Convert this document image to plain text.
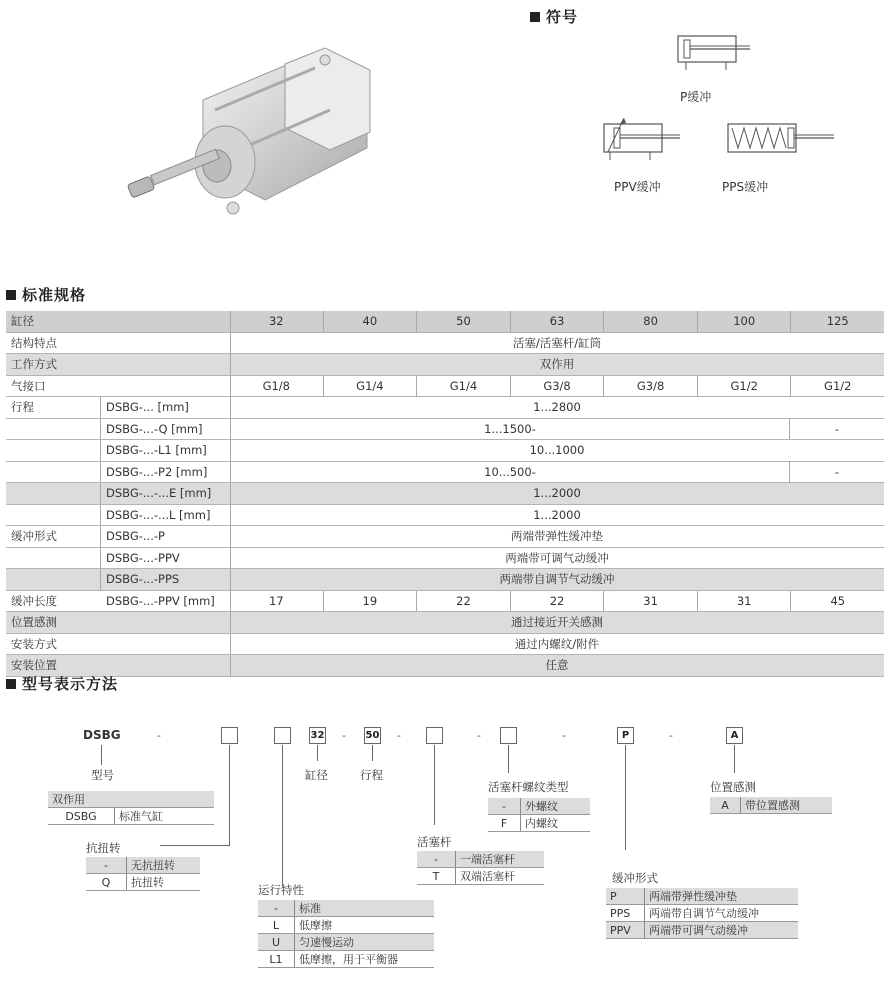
符号
P缓冲
PPV缓冲	PPS缓冲
标准规格
缸径	32	40	50	63	80	100	125
结构特点	活塞/活塞杆/缸筒
工作方式	双作用
气接口	G1/8	G1/4	G1/4	G3/8	G3/8	G1/2	G1/2
行程	DSBG-... [mm]	1...2800
DSBG-...-Q [mm]	1...1500-	-
DSBG-...-L1 [mm]	10...1000
DSBG-...-P2 [mm]	10...500-	-
DSBG-...-...E [mm]	1...2000
DSBG-...-...L [mm]	1...2000
缓冲形式	DSBG-...-P	两端带弹性缓冲垫
DSBG-...-PPV	两端带可调气动缓冲
DSBG-...-PPS	两端带自调节气动缓冲
缓冲长度	DSBG-...-PPV [mm]	17	19	22	22	31	31	45
位置感测	通过接近开关感测
安装方式	通过内螺纹/附件
安装位置	任意
型号表示方法
DSBG	-	32 - 50 -	-	-	P	-	A
型号	缸径	行程
双作用
DSBG	标准气缸
抗扭转
-	无抗扭转
Q	抗扭转
运行特性
-	标准
L	低摩擦
U	匀速慢运动
L1	低摩擦，用于平衡器
活塞杆
-	一端活塞杆
T	双端活塞杆
活塞杆螺纹类型
-	外螺纹
F	内螺纹
缓冲形式
P	两端带弹性缓冲垫
PPS	两端带自调节气动缓冲
PPV	两端带可调气动缓冲
位置感测
A	带位置感测
